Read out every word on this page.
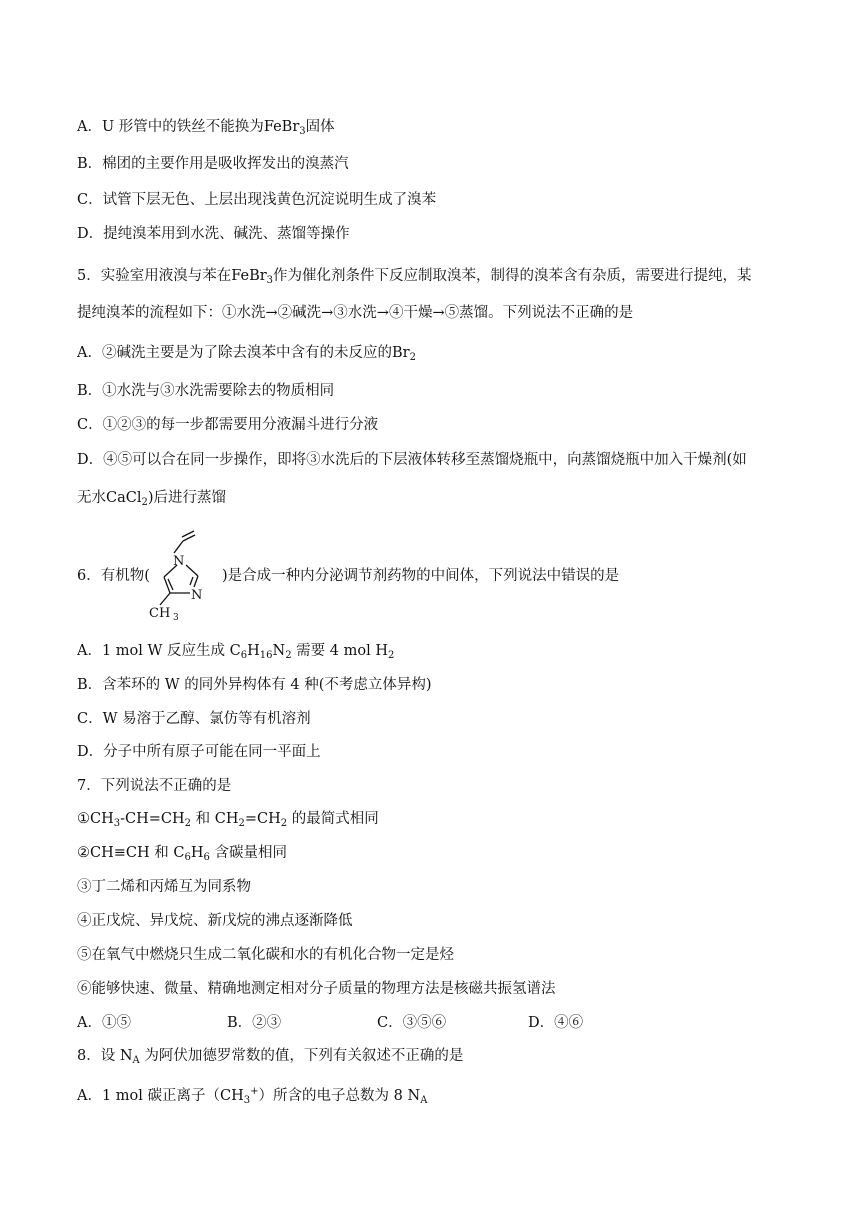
A．U 形管中的铁丝不能换为FeBr$_3$固体
B．棉团的主要作用是吸收挥发出的溴蒸汽
C．试管下层无色、上层出现浅黄色沉淀说明生成了溴苯
D．提纯溴苯用到水洗、碱洗、蒸馏等操作
5．实验室用液溴与苯在FeBr$_3$作为催化剂条件下反应制取溴苯，制得的溴苯含有杂质，需要进行提纯，某
提纯溴苯的流程如下：①水洗→②碱洗→③水洗→④干燥→⑤蒸馏。下列说法不正确的是
A．②碱洗主要是为了除去溴苯中含有的未反应的$Br_2$
B．①水洗与③水洗需要除去的物质相同
C．①②③的每一步都需要用分液漏斗进行分液
D．④⑤可以合在同一步操作，即将③水洗后的下层液体转移至蒸馏烧瓶中，向蒸馏烧瓶中加入干燥剂(如
无水CaCl$_2$)后进行蒸馏
6．有机物(
N
N
CH 3
)是合成一种内分泌调节剂药物的中间体，下列说法中错误的是
A．1 mol W 反应生成 $C_6H_{16}N_2$ 需要 4 mol $H_2$
B．含苯环的 W 的同外异构体有 4 种(不考虑立体异构)
C．W 易溶于乙醇、氯仿等有机溶剂
D．分子中所有原子可能在同一平面上
7．下列说法不正确的是
$①CH_3-CH=CH_2$ 和 $CH_2=CH_2$ 的最简式相同
②CH≡CH 和 $C_6H_6$ 含碳量相同
③丁二烯和丙烯互为同系物
④正戊烷、异戊烷、新戊烷的沸点逐渐降低
⑤在氧气中燃烧只生成二氧化碳和水的有机化合物一定是烃
⑥能够快速、微量、精确地测定相对分子质量的物理方法是核磁共振氢谱法
A．①⑤	B．②③	C．③⑤⑥	D．④⑥
8．设 $N_A$ 为阿伏加德罗常数的值，下列有关叙述不正确的是
A．1 mol 碳正离子$(CH_3^+)$所含的电子总数为 8 $N_A$
